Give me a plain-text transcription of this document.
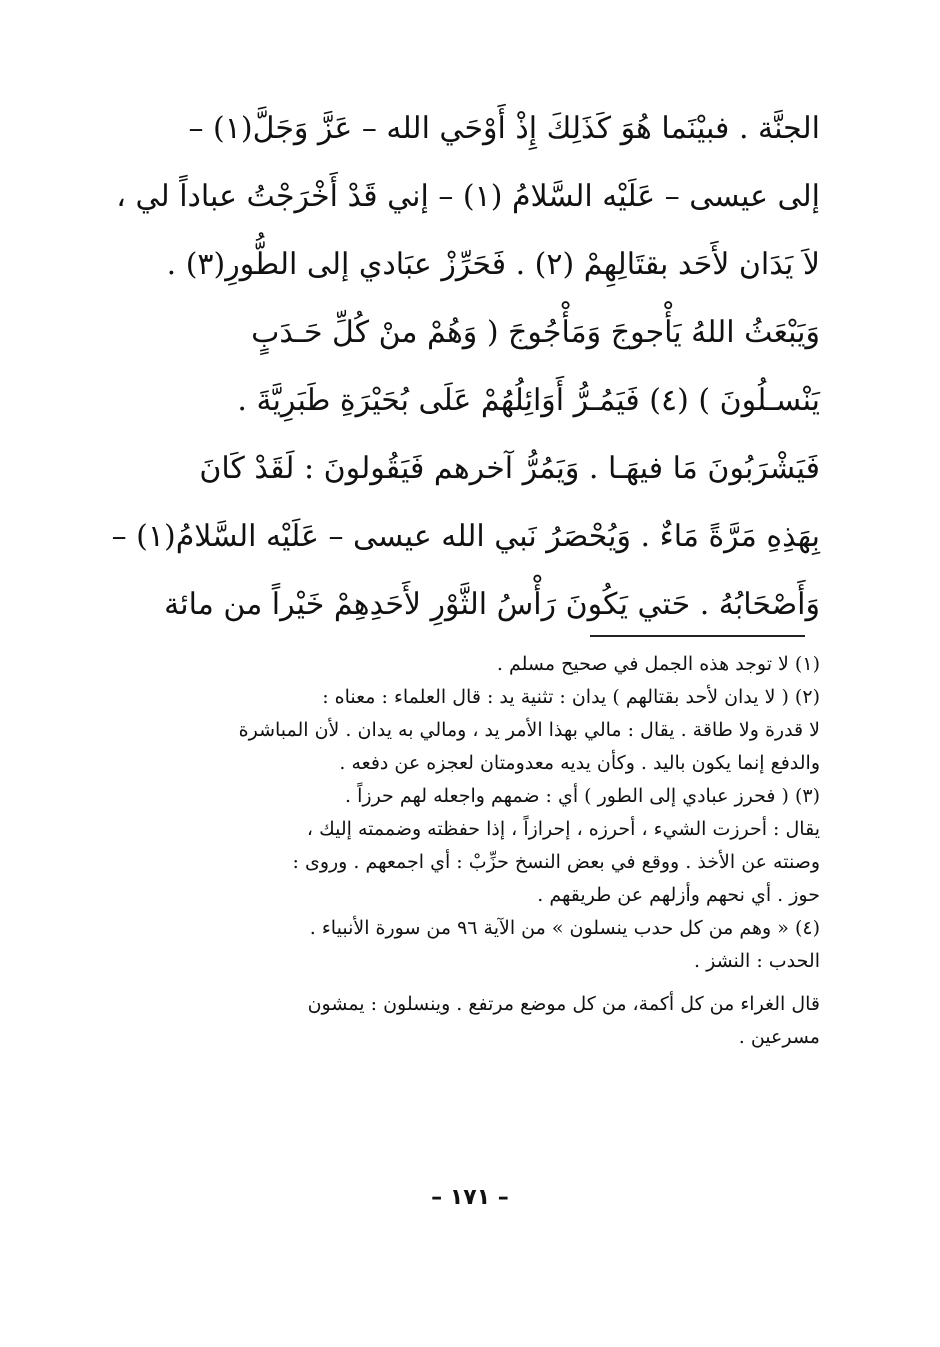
الجنَّة . فبيْنَما هُوَ كَذَلِكَ إِذْ أَوْحَي الله – عَزَّ وَجَلَّ(١) –
إلى عيسى – عَلَيْه السَّلامُ (١) – إني قَدْ أَخْرَجْتُ عباداً لي ،
لاَ يَدَان لأَحَد بقتَالِهِمْ (٢) . فَحَرِّزْ عبَادي إلى الطُّورِ(٣) .
وَيَبْعَثُ اللهُ يَأْجوجَ وَمَأْجُوجَ ( وَهُمْ منْ كُلِّ حَـدَبٍ
يَنْسـلُونَ ) (٤) فَيَمُـرُّ أَوَائِلُهُمْ عَلَى بُحَيْرَةِ طَبَرِيَّةَ .
فَيَشْرَبُونَ مَا فيهَـا . وَيَمُرُّ آخرهم فَيَقُولونَ : لَقَدْ كَانَ
بِهَذِهِ مَرَّةً مَاءٌ . وَيُحْصَرُ نَبي الله عيسى – عَلَيْه السَّلامُ(١) –
وَأَصْحَابُهُ . حَتي يَكُونَ رَأْسُ الثَّوْرِ لأَحَدِهِمْ خَيْراً من مائة
(١) لا توجد هذه الجمل في صحيح مسلم .
(٢) ( لا يدان لأحد بقتالهم ) يدان : تثنية يد : قال العلماء : معناه :
لا قدرة ولا طاقة . يقال : مالي بهذا الأمر يد ، ومالي به يدان . لأن المباشرة
والدفع إنما يكون باليد . وكأن يديه معدومتان لعجزه عن دفعه .
(٣) ( فحرز عبادي إلى الطور ) أي : ضمهم واجعله لهم حرزاً .
يقال : أحرزت الشيء ، أحرزه ، إحرازاً ، إذا حفظته وضممته إليك ،
وصنته عن الأخذ . ووقع في بعض النسخ حزِّبْ : أي اجمعهم . وروى :
حوز . أي نحهم وأزلهم عن طريقهم .
(٤) « وهم من كل حدب ينسلون » من الآية ٩٦ من سورة الأنبياء .
الحدب : النشز .
قال الغراء من كل أكمة، من كل موضع مرتفع . وينسلون : يمشون
مسرعين .
– ١٧١ –
